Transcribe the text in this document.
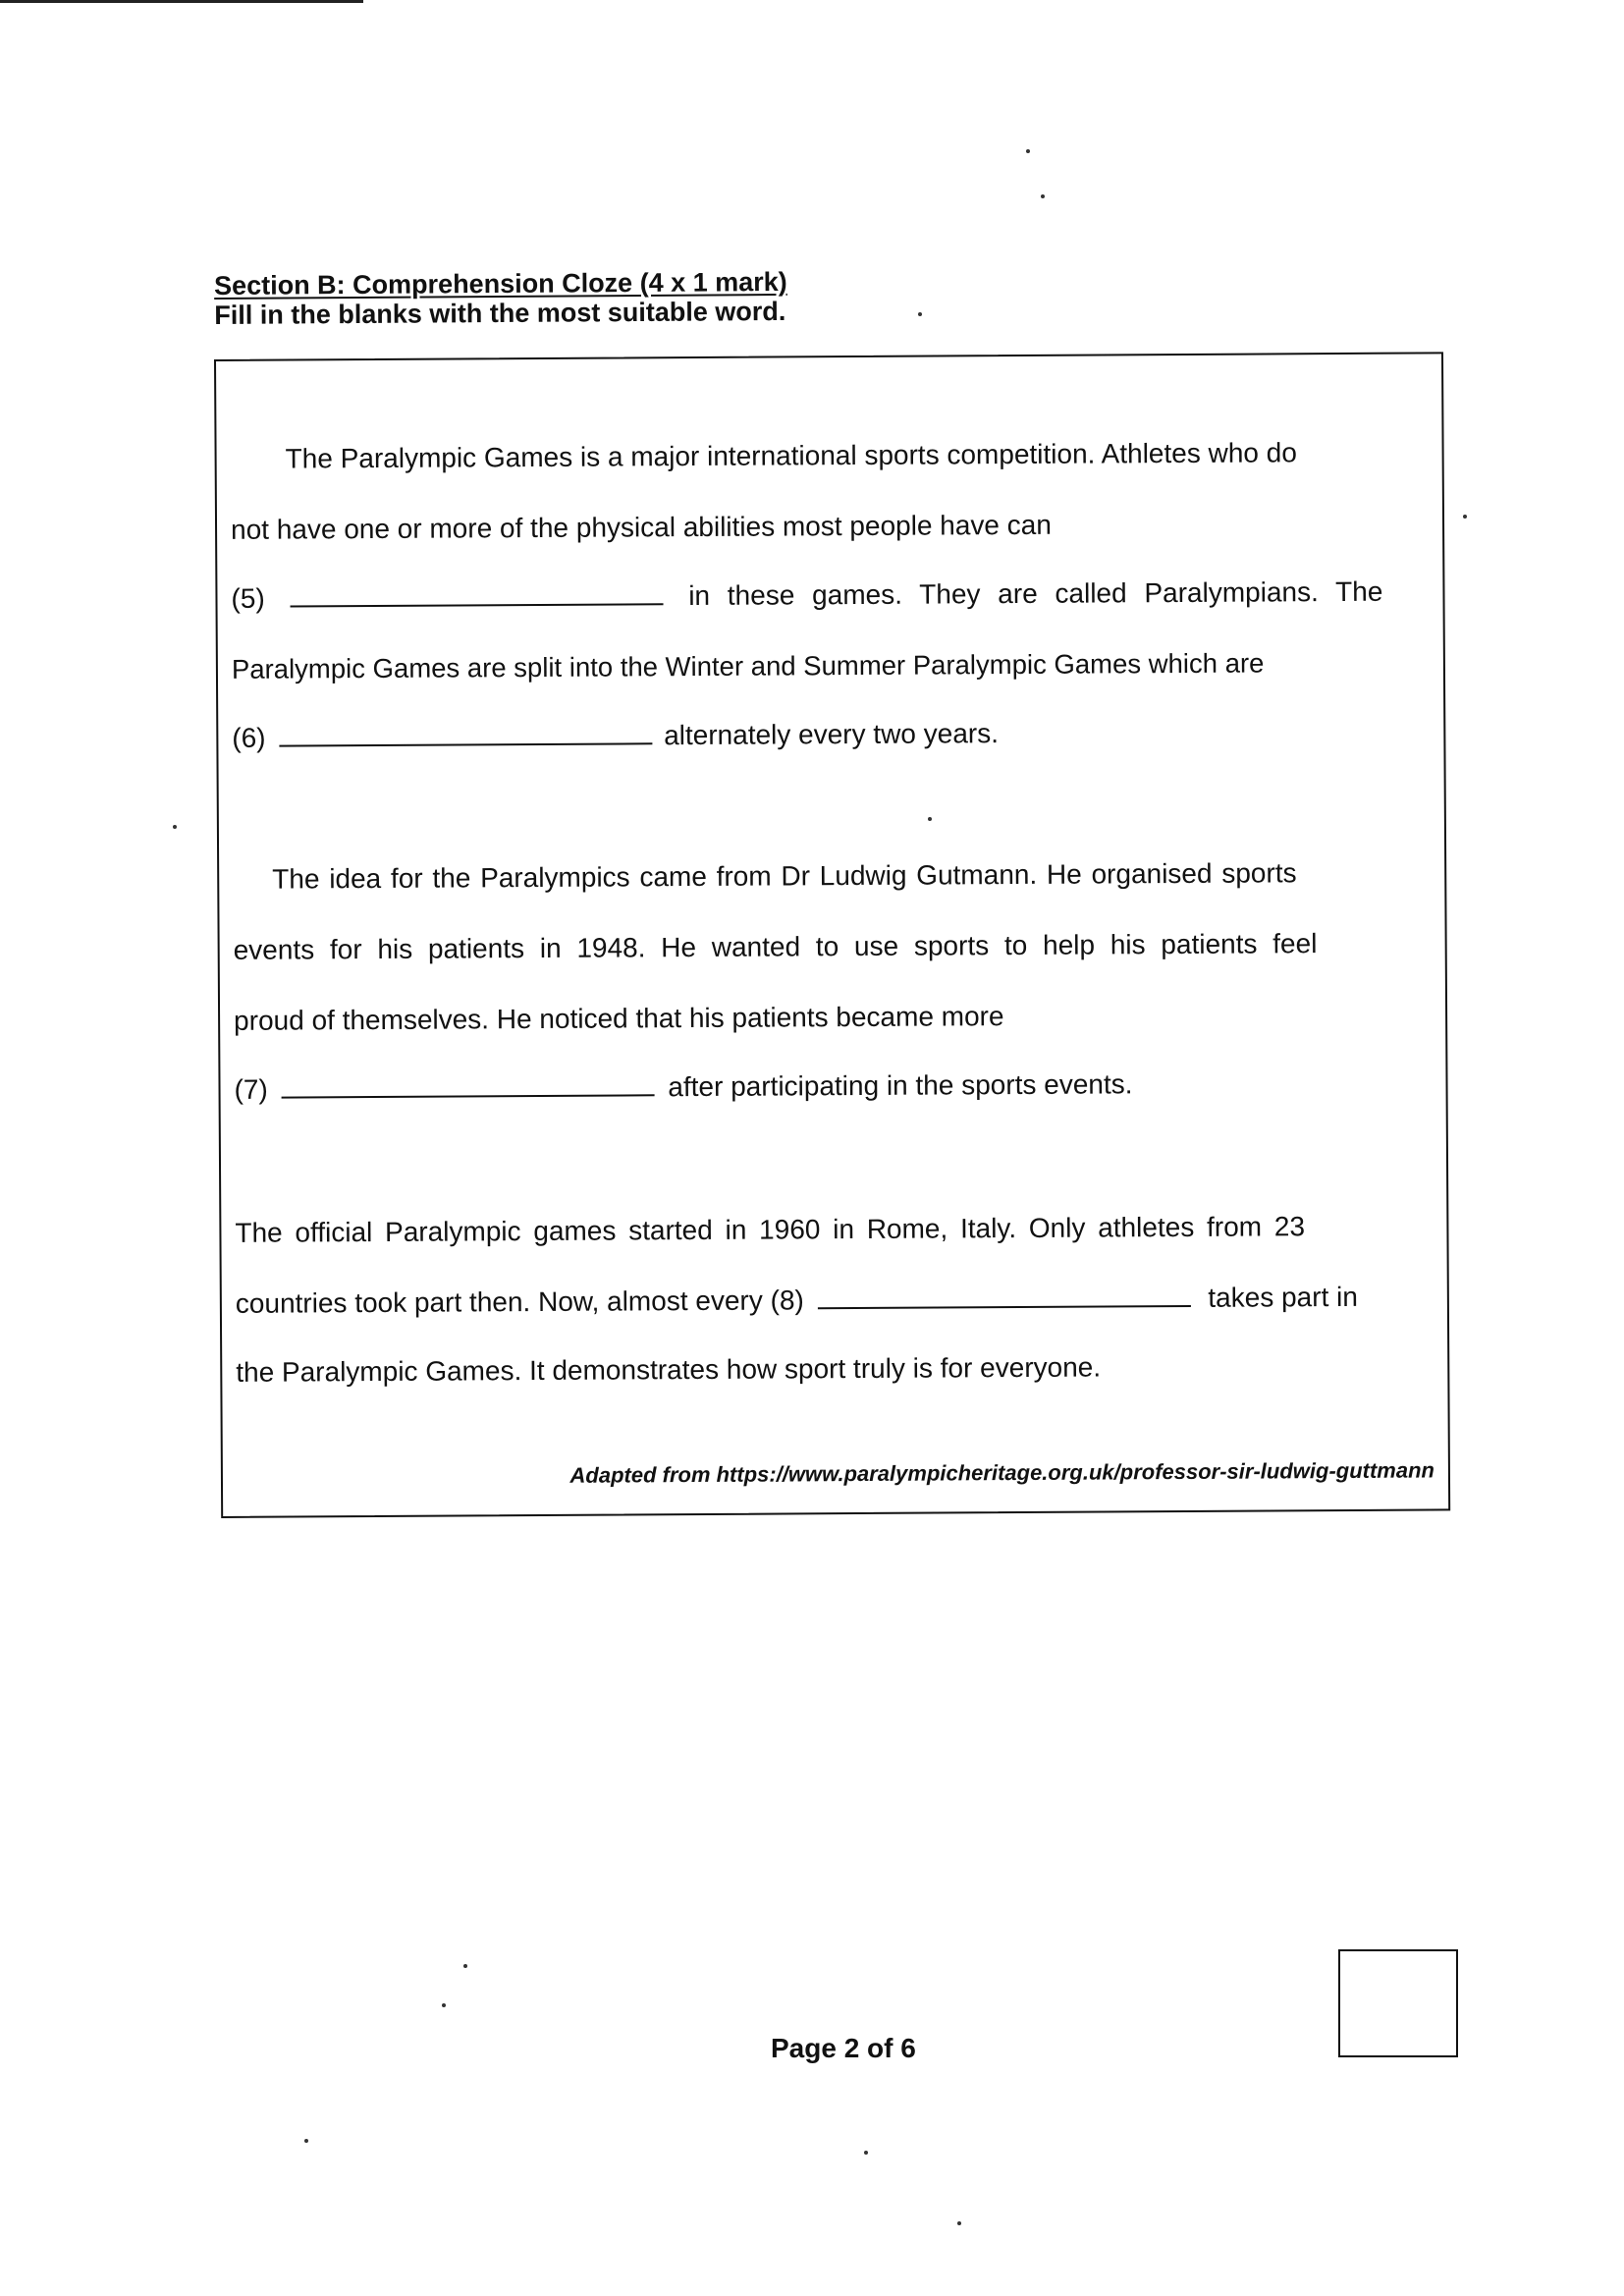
Section B: Comprehension Cloze (4 x 1 mark)
Fill in the blanks with the most suitable word.
The Paralympic Games is a major international sports competition. Athletes who do
not have one or more of the physical abilities most people have can
(5)	in these games. They are called Paralympians. The
Paralympic Games are split into the Winter and Summer Paralympic Games which are
(6)	alternately every two years.
The idea for the Paralympics came from Dr Ludwig Gutmann. He organised sports
events for his patients in 1948. He wanted to use sports to help his patients feel
proud of themselves. He noticed that his patients became more
(7)	after participating in the sports events.
The official Paralympic games started in 1960 in Rome, Italy. Only athletes from 23
countries took part then. Now, almost every (8)	takes part in
the Paralympic Games. It demonstrates how sport truly is for everyone.
Adapted from https://www.paralympicheritage.org.uk/professor-sir-ludwig-guttmann
Page 2 of 6
